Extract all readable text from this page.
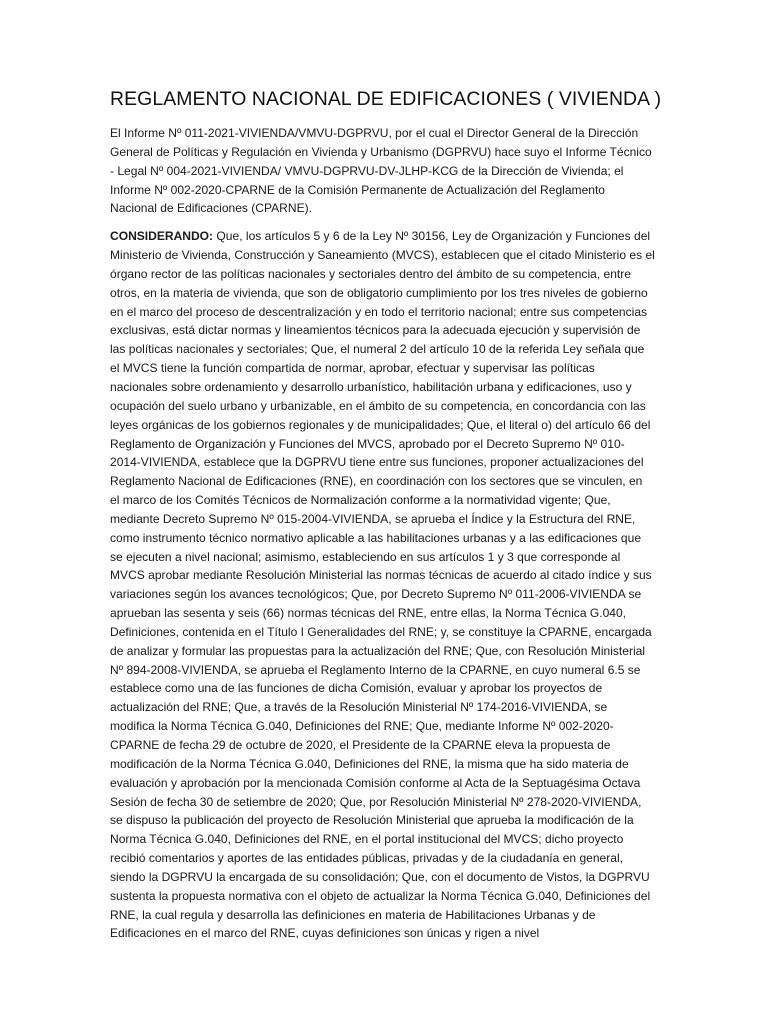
REGLAMENTO NACIONAL DE EDIFICACIONES ( VIVIENDA )

El Informe Nº 011-2021-VIVIENDA/VMVU-DGPRVU, por el cual el Director General de la Dirección General de Políticas y Regulación en Vivienda y Urbanismo (DGPRVU) hace suyo el Informe Técnico - Legal Nº 004-2021-VIVIENDA/ VMVU-DGPRVU-DV-JLHP-KCG de la Dirección de Vivienda; el Informe Nº 002-2020-CPARNE de la Comisión Permanente de Actualización del Reglamento Nacional de Edificaciones (CPARNE).

CONSIDERANDO: Que, los artículos 5 y 6 de la Ley Nº 30156, Ley de Organización y Funciones del Ministerio de Vivienda, Construcción y Saneamiento (MVCS), establecen que el citado Ministerio es el órgano rector de las políticas nacionales y sectoriales dentro del ámbito de su competencia, entre otros, en la materia de vivienda, que son de obligatorio cumplimiento por los tres niveles de gobierno en el marco del proceso de descentralización y en todo el territorio nacional; entre sus competencias exclusivas, está dictar normas y lineamientos técnicos para la adecuada ejecución y supervisión de las políticas nacionales y sectoriales; Que, el numeral 2 del artículo 10 de la referida Ley señala que el MVCS tiene la función compartida de normar, aprobar, efectuar y supervisar las políticas nacionales sobre ordenamiento y desarrollo urbanístico, habilitación urbana y edificaciones, uso y ocupación del suelo urbano y urbanizable, en el ámbito de su competencia, en concordancia con las leyes orgánicas de los gobiernos regionales y de municipalidades; Que, el literal o) del artículo 66 del Reglamento de Organización y Funciones del MVCS, aprobado por el Decreto Supremo Nº 010-2014-VIVIENDA, establece que la DGPRVU tiene entre sus funciones, proponer actualizaciones del Reglamento Nacional de Edificaciones (RNE), en coordinación con los sectores que se vinculen, en el marco de los Comités Técnicos de Normalización conforme a la normatividad vigente; Que, mediante Decreto Supremo Nº 015-2004-VIVIENDA, se aprueba el Índice y la Estructura del RNE, como instrumento técnico normativo aplicable a las habilitaciones urbanas y a las edificaciones que se ejecuten a nivel nacional; asimismo, estableciendo en sus artículos 1 y 3 que corresponde al MVCS aprobar mediante Resolución Ministerial las normas técnicas de acuerdo al citado índice y sus variaciones según los avances tecnológicos; Que, por Decreto Supremo Nº 011-2006-VIVIENDA se aprueban las sesenta y seis (66) normas técnicas del RNE, entre ellas, la Norma Técnica G.040, Definiciones, contenida en el Título I Generalidades del RNE; y, se constituye la CPARNE, encargada de analizar y formular las propuestas para la actualización del RNE; Que, con Resolución Ministerial Nº 894-2008-VIVIENDA, se aprueba el Reglamento Interno de la CPARNE, en cuyo numeral 6.5 se establece como una de las funciones de dicha Comisión, evaluar y aprobar los proyectos de actualización del RNE; Que, a través de la Resolución Ministerial Nº 174-2016-VIVIENDA, se modifica la Norma Técnica G.040, Definiciones del RNE; Que, mediante Informe Nº 002-2020-CPARNE de fecha 29 de octubre de 2020, el Presidente de la CPARNE eleva la propuesta de modificación de la Norma Técnica G.040, Definiciones del RNE, la misma que ha sido materia de evaluación y aprobación por la mencionada Comisión conforme al Acta de la Septuagésima Octava Sesión de fecha 30 de setiembre de 2020; Que, por Resolución Ministerial Nº 278-2020-VIVIENDA, se dispuso la publicación del proyecto de Resolución Ministerial que aprueba la modificación de la Norma Técnica G.040, Definiciones del RNE, en el portal institucional del MVCS; dicho proyecto recibió comentarios y aportes de las entidades públicas, privadas y de la ciudadanía en general, siendo la DGPRVU la encargada de su consolidación; Que, con el documento de Vistos, la DGPRVU sustenta la propuesta normativa con el objeto de actualizar la Norma Técnica G.040, Definiciones del RNE, la cual regula y desarrolla las definiciones en materia de Habilitaciones Urbanas y de Edificaciones en el marco del RNE, cuyas definiciones son únicas y rigen a nivel
